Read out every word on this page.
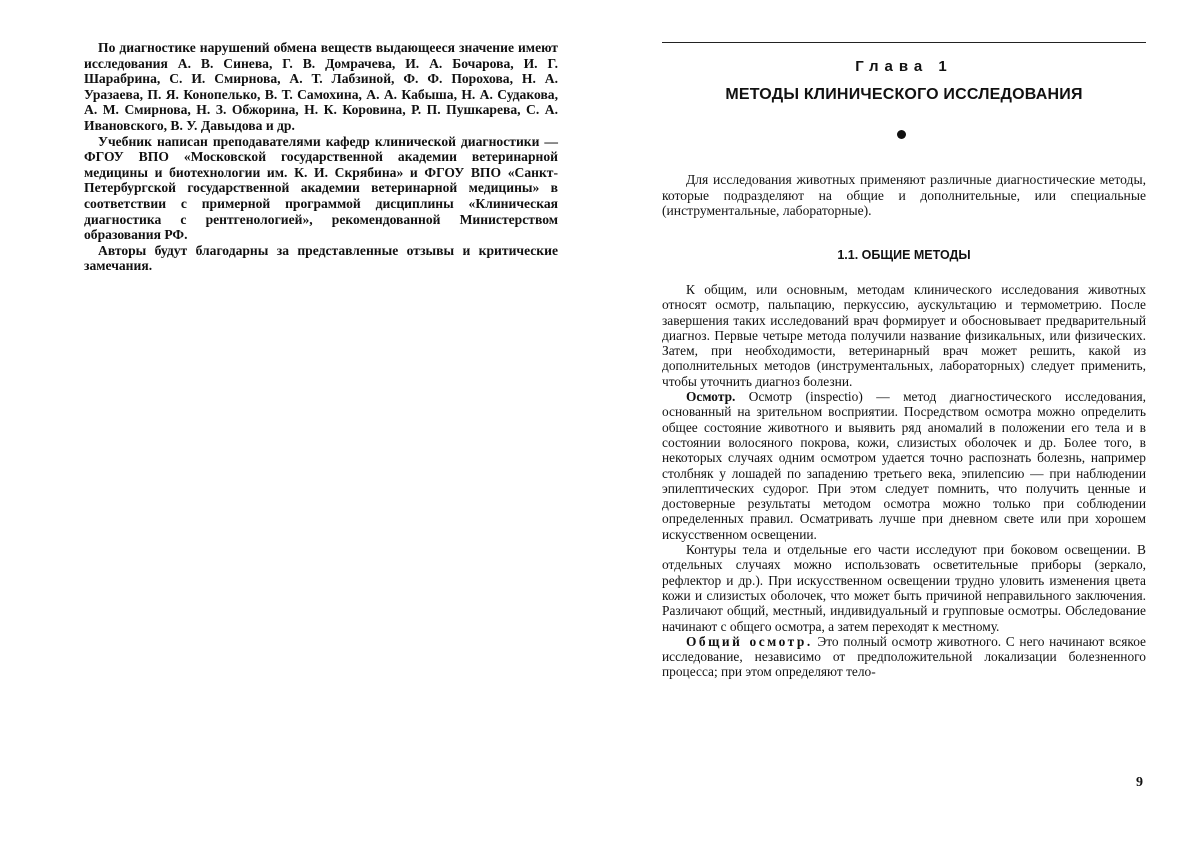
По диагностике нарушений обмена веществ выдающееся значение имеют исследования А. В. Синева, Г. В. Домрачева, И. А. Бочарова, И. Г. Шарабрина, С. И. Смирнова, А. Т. Лабзиной, Ф. Ф. Порохова, Н. А. Уразаева, П. Я. Конопелько, В. Т. Самохина, А. А. Кабыша, Н. А. Судакова, А. М. Смирнова, Н. З. Обжорина, Н. К. Коровина, Р. П. Пушкарева, С. А. Ивановского, В. У. Давыдова и др.

Учебник написан преподавателями кафедр клинической диагностики — ФГОУ ВПО «Московской государственной академии ветеринарной медицины и биотехнологии им. К. И. Скрябина» и ФГОУ ВПО «Санкт-Петербургской государственной академии ветеринарной медицины» в соответствии с примерной программой дисциплины «Клиническая диагностика с рентгенологией», рекомендованной Министерством образования РФ.

Авторы будут благодарны за представленные отзывы и критические замечания.

Глава 1
МЕТОДЫ КЛИНИЧЕСКОГО ИССЛЕДОВАНИЯ

Для исследования животных применяют различные диагностические методы, которые подразделяют на общие и дополнительные, или специальные (инструментальные, лабораторные).

1.1. ОБЩИЕ МЕТОДЫ

К общим, или основным, методам клинического исследования животных относят осмотр, пальпацию, перкуссию, аускультацию и термометрию. После завершения таких исследований врач формирует и обосновывает предварительный диагноз. Первые четыре метода получили название физикальных, или физических. Затем, при необходимости, ветеринарный врач может решить, какой из дополнительных методов (инструментальных, лабораторных) следует применить, чтобы уточнить диагноз болезни.

Осмотр. Осмотр (inspectio) — метод диагностического исследования, основанный на зрительном восприятии. Посредством осмотра можно определить общее состояние животного и выявить ряд аномалий в положении его тела и в состоянии волосяного покрова, кожи, слизистых оболочек и др. Более того, в некоторых случаях одним осмотром удается точно распознать болезнь, например столбняк у лошадей по западению третьего века, эпилепсию — при наблюдении эпилептических судорог. При этом следует помнить, что получить ценные и достоверные результаты методом осмотра можно только при соблюдении определенных правил. Осматривать лучше при дневном свете или при хорошем искусственном освещении.

Контуры тела и отдельные его части исследуют при боковом освещении. В отдельных случаях можно использовать осветительные приборы (зеркало, рефлектор и др.). При искусственном освещении трудно уловить изменения цвета кожи и слизистых оболочек, что может быть причиной неправильного заключения. Различают общий, местный, индивидуальный и групповые осмотры. Обследование начинают с общего осмотра, а затем переходят к местному.

Общий осмотр. Это полный осмотр животного. С него начинают всякое исследование, независимо от предположительной локализации болезненного процесса; при этом определяют тело-

9
